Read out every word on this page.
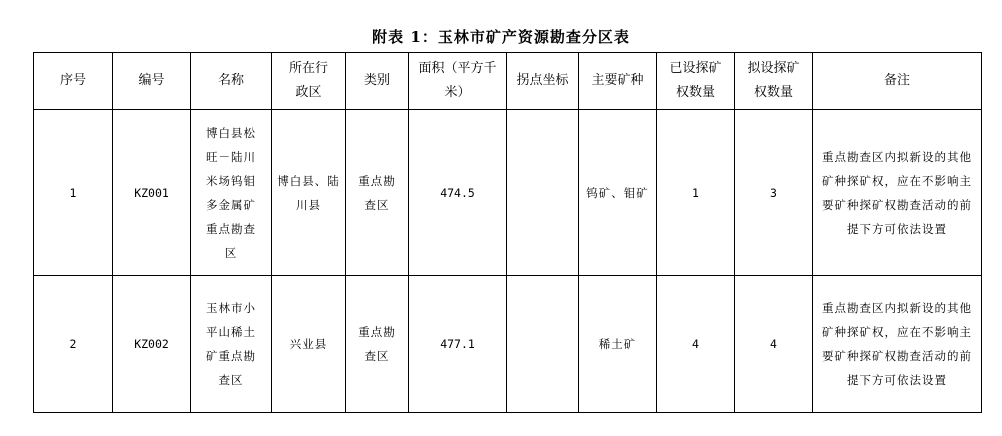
附表 1：玉林市矿产资源勘查分区表
序号	编号	名称	所在行政区	类别	面积（平方千米）	拐点坐标	主要矿种	已设探矿权数量	拟设探矿权数量	备注
1	KZ001	博白县松旺－陆川米场钨钼多金属矿重点勘查区	博白县、陆川县	重点勘查区	474.5		钨矿、钼矿	1	3	重点勘查区内拟新设的其他矿种探矿权，应在不影响主要矿种探矿权勘查活动的前提下方可依法设置
2	KZ002	玉林市小平山稀土矿重点勘查区	兴业县	重点勘查区	477.1		稀土矿	4	4	重点勘查区内拟新设的其他矿种探矿权，应在不影响主要矿种探矿权勘查活动的前提下方可依法设置
